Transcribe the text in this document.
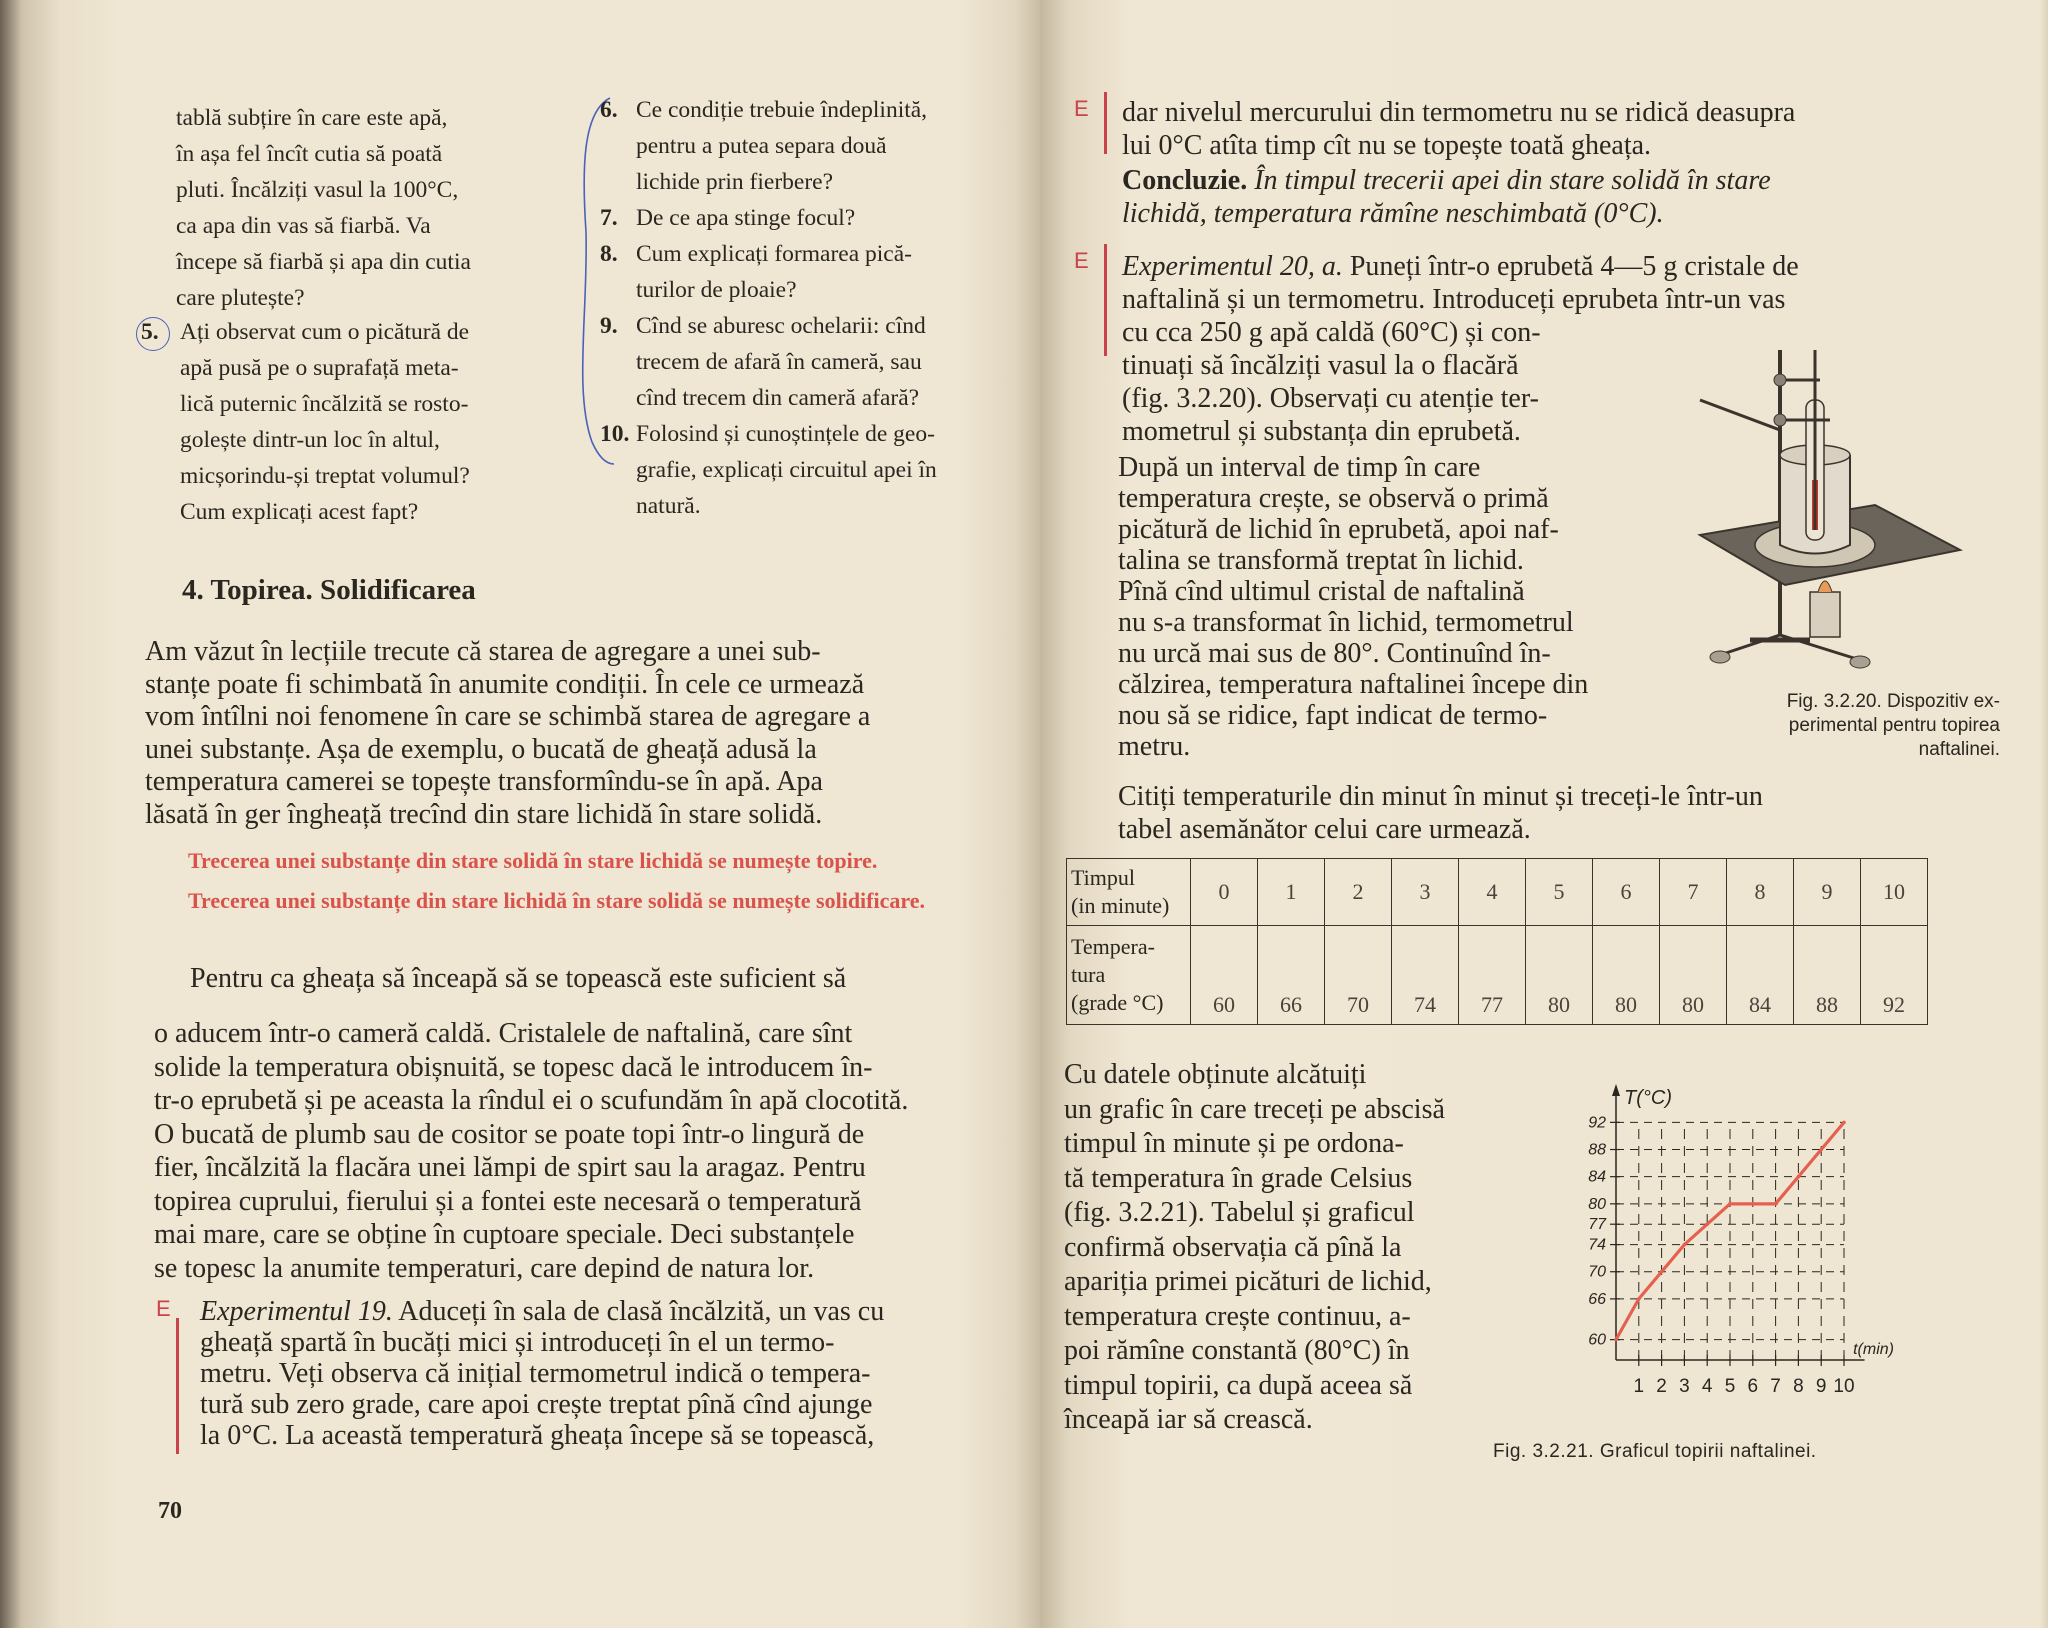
tablă subțire în care este apă,
în așa fel încît cutia să poată
pluti. Încălziți vasul la 100°C,
ca apa din vas să fiarbă. Va
începe să fiarbă și apa din cutia
care plutește?
5. Ați observat cum o picătură de
apă pusă pe o suprafață meta-
lică puternic încălzită se rosto-
golește dintr-un loc în altul,
micșorindu-și treptat volumul?
Cum explicați acest fapt?
6. Ce condiție trebuie îndeplinită,
pentru a putea separa două
lichide prin fierbere?
7. De ce apa stinge focul?
8. Cum explicați formarea pică-
turilor de ploaie?
9. Cînd se aburesc ochelarii: cînd
trecem de afară în cameră, sau
cînd trecem din cameră afară?
10. Folosind și cunoștințele de geo-
grafie, explicați circuitul apei în
natură.
4. Topirea. Solidificarea
Am văzut în lecțiile trecute că starea de agregare a unei sub-
stanțe poate fi schimbată în anumite condiții. În cele ce urmează
vom întîlni noi fenomene în care se schimbă starea de agregare a
unei substanțe. Așa de exemplu, o bucată de gheață adusă la
temperatura camerei se topește transformîndu-se în apă. Apa
lăsată în ger îngheață trecînd din stare lichidă în stare solidă.
Trecerea unei substanțe din stare solidă în stare lichidă se numește topire.
Trecerea unei substanțe din stare lichidă în stare solidă se numește solidificare.
Pentru ca gheața să înceapă să se topească este suficient să
o aducem într-o cameră caldă. Cristalele de naftalină, care sînt
solide la temperatura obișnuită, se topesc dacă le introducem în-
tr-o eprubetă și pe aceasta la rîndul ei o scufundăm în apă clocotită.
O bucată de plumb sau de cositor se poate topi într-o lingură de
fier, încălzită la flacăra unei lămpi de spirt sau la aragaz. Pentru
topirea cuprului, fierului și a fontei este necesară o temperatură
mai mare, care se obține în cuptoare speciale. Deci substanțele
se topesc la anumite temperaturi, care depind de natura lor.
E Experimentul 19. Aduceți în sala de clasă încălzită, un vas cu
gheață spartă în bucăți mici și introduceți în el un termo-
metru. Veți observa că inițial termometrul indică o tempera-
tură sub zero grade, care apoi crește treptat pînă cînd ajunge
la 0°C. La această temperatură gheața începe să se topească,
70
E dar nivelul mercurului din termometru nu se ridică deasupra
lui 0°C atîta timp cît nu se topește toată gheața.
Concluzie. În timpul trecerii apei din stare solidă în stare
lichidă, temperatura rămîne neschimbată (0°C).
E Experimentul 20, a. Puneți într-o eprubetă 4—5 g cristale de
naftalină și un termometru. Introduceți eprubeta într-un vas
cu cca 250 g apă caldă (60°C) și con-
tinuați să încălziți vasul la o flacără
(fig. 3.2.20). Observați cu atenție ter-
mometrul și substanța din eprubetă.
După un interval de timp în care
temperatura crește, se observă o primă
picătură de lichid în eprubetă, apoi naf-
talina se transformă treptat în lichid.
Pînă cînd ultimul cristal de naftalină
nu s-a transformat în lichid, termometrul
nu urcă mai sus de 80°. Continuînd în-
călzirea, temperatura naftalinei începe din
nou să se ridice, fapt indicat de termo-
metru.
Fig. 3.2.20. Dispozitiv ex-
perimental pentru topirea
naftalinei.
Citiți temperaturile din minut în minut și treceți-le într-un
tabel asemănător celui care urmează.
Timpul
(in minute)	0	1	2	3	4	5	6	7	8	9	10

Tempera-
tura
(grade °C)	60	66	70	74	77	80	80	80	84	88	92
Cu datele obținute alcătuiți
un grafic în care treceți pe abscisă
timpul în minute și pe ordona-
tă temperatura în grade Celsius
(fig. 3.2.21). Tabelul și graficul
confirmă observația că pînă la
apariția primei picături de lichid,
temperatura crește continuu, a-
poi rămîne constantă (80°C) în
timpul topirii, ca după aceea să
înceapă iar să crească.
T(°C)
t(min)
60
66
70
74
77
80
84
88
92
1 2 3 4 5 6 7 8 9 10
Fig. 3.2.21. Graficul topirii naftalinei.
